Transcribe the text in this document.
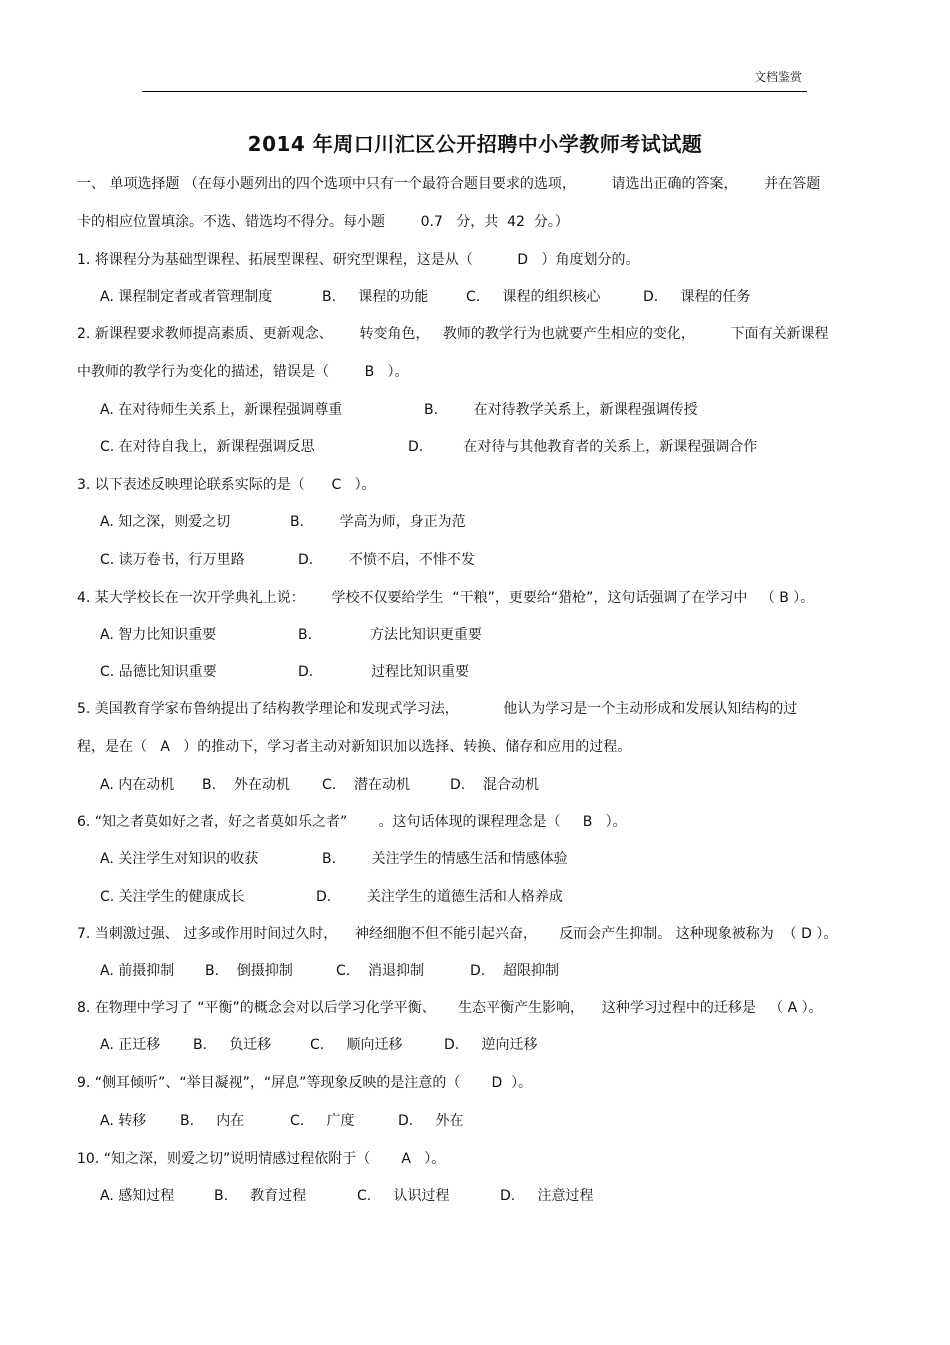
文档鉴赏
2014 年周口川汇区公开招聘中小学教师考试试题
一、 单项选择题 （在每小题列出的四个选项中只有一个最符合题目要求的选项，        请选出正确的答案，      并在答题
卡的相应位置填涂。不选、错选均不得分。每小题        0.7   分，共  42  分。）
1. 将课程分为基础型课程、拓展型课程、研究型课程，这是从（          D   ）角度划分的。
A. 课程制定者或者管理制度	B.     课程的功能	C.     课程的组织核心	D.     课程的任务
2. 新课程要求教师提高素质、更新观念、      转变角色，   教师的教学行为也就要产生相应的变化，        下面有关新课程
中教师的教学行为变化的描述，错误是（        B   ）。
A. 在对待师生关系上，新课程强调尊重	B.        在对待教学关系上，新课程强调传授
C. 在对待自我上，新课程强调反思	D.         在对待与其他教育者的关系上，新课程强调合作
3. 以下表述反映理论联系实际的是（      C   ）。
A. 知之深，则爱之切	B.        学高为师，身正为范
C. 读万卷书，行万里路	D.        不愤不启，不悱不发
4. 某大学校长在一次开学典礼上说：      学校不仅要给学生  “干粮”，更要给“猎枪”，这句话强调了在学习中   （ B ）。
A. 智力比知识重要	B.             方法比知识更重要
C. 品德比知识重要	D.             过程比知识重要
5. 美国教育学家布鲁纳提出了结构教学理论和发现式学习法，          他认为学习是一个主动形成和发展认知结构的过
程，是在（   A   ）的推动下，学习者主动对新知识加以选择、转换、储存和应用的过程。
A. 内在动机 B.    外在动机 C.    潜在动机	D.    混合动机
6. “知之者莫如好之者，好之者莫如乐之者”       。这句话体现的课程理念是（     B   ）。
A. 关注学生对知识的收获	B.        关注学生的情感生活和情感体验
C. 关注学生的健康成长	D.        关注学生的道德生活和人格养成
7. 当刺激过强、 过多或作用时间过久时，    神经细胞不但不能引起兴奋，     反而会产生抑制。 这种现象被称为  （ D ）。
A. 前摄抑制 B.    倒摄抑制	C.    消退抑制	D.    超限抑制
8. 在物理中学习了 “平衡”的概念会对以后学习化学平衡、     生态平衡产生影响，    这种学习过程中的迁移是   （ A ）。
A. 正迁移 B.     负迁移	C.     顺向迁移	D.     逆向迁移
9. “侧耳倾听”、“举目凝视”，“屏息”等现象反映的是注意的（       D  ）。
A. 转移 B.     内在	C.     广度	D.     外在
10. “知之深，则爱之切”说明情感过程依附于（       A   ）。
A. 感知过程	B.     教育过程	C.     认识过程	D.     注意过程
